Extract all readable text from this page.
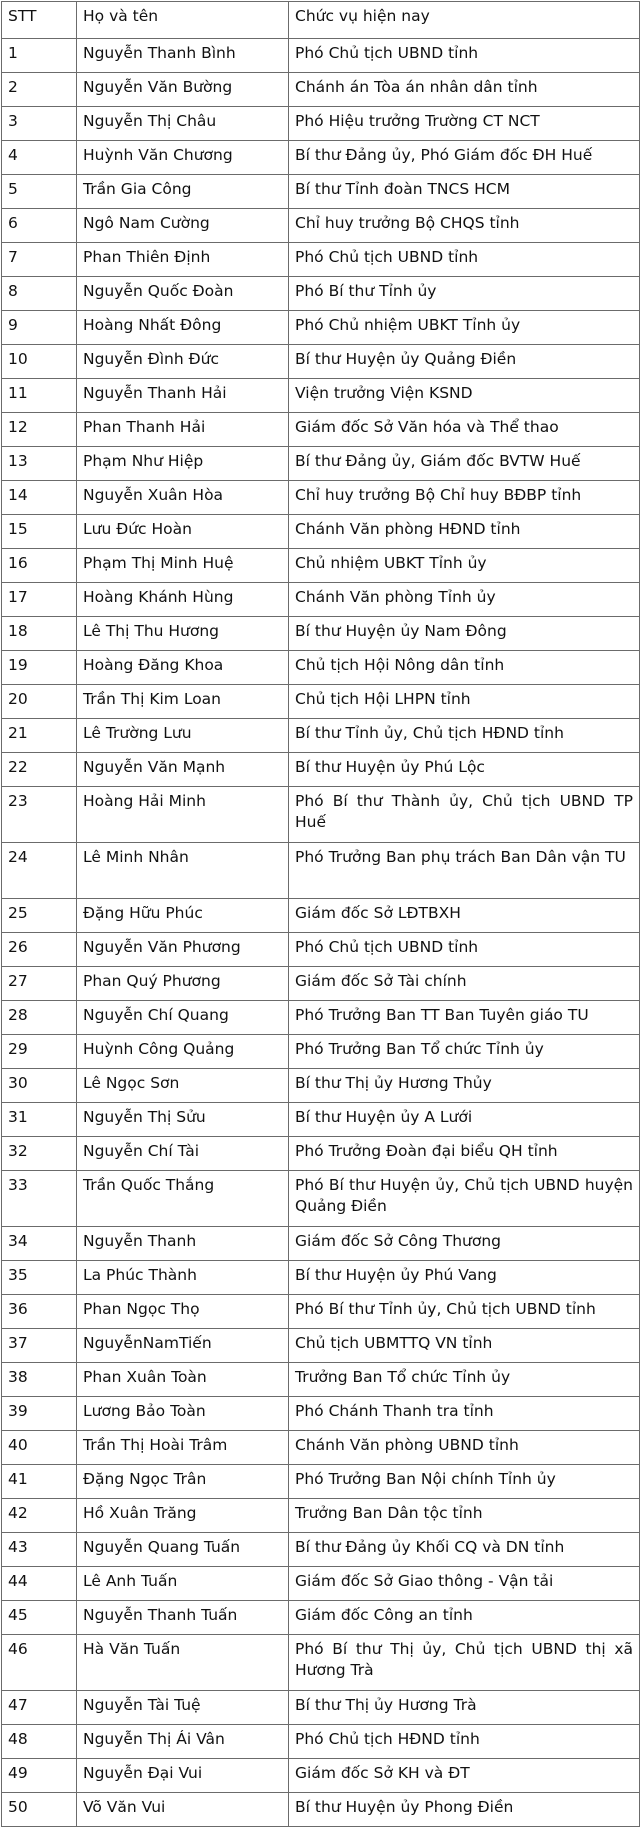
STT	Họ và tên	Chức vụ hiện nay
1	Nguyễn Thanh Bình	Phó Chủ tịch UBND tỉnh
2	Nguyễn Văn Bường	Chánh án Tòa án nhân dân tỉnh
3	Nguyễn Thị Châu	Phó Hiệu trưởng Trường CT NCT
4	Huỳnh Văn Chương	Bí thư Đảng ủy, Phó Giám đốc ĐH Huế
5	Trần Gia Công	Bí thư Tỉnh đoàn TNCS HCM
6	Ngô Nam Cường	Chỉ huy trưởng Bộ CHQS tỉnh
7	Phan Thiên Định	Phó Chủ tịch UBND tỉnh
8	Nguyễn Quốc Đoàn	Phó Bí thư Tỉnh ủy
9	Hoàng Nhất Đông	Phó Chủ nhiệm UBKT Tỉnh ủy
10	Nguyễn Đình Đức	Bí thư Huyện ủy Quảng Điền
11	Nguyễn Thanh Hải	Viện trưởng Viện KSND
12	Phan Thanh Hải	Giám đốc Sở Văn hóa và Thể thao
13	Phạm Như Hiệp	Bí thư Đảng ủy, Giám đốc BVTW Huế
14	Nguyễn Xuân Hòa	Chỉ huy trưởng Bộ Chỉ huy BĐBP tỉnh
15	Lưu Đức Hoàn	Chánh Văn phòng HĐND tỉnh
16	Phạm Thị Minh Huệ	Chủ nhiệm UBKT Tỉnh ủy
17	Hoàng Khánh Hùng	Chánh Văn phòng Tỉnh ủy
18	Lê Thị Thu Hương	Bí thư Huyện ủy Nam Đông
19	Hoàng Đăng Khoa	Chủ tịch Hội Nông dân tỉnh
20	Trần Thị Kim Loan	Chủ tịch Hội LHPN tỉnh
21	Lê Trường Lưu	Bí thư Tỉnh ủy, Chủ tịch HĐND tỉnh
22	Nguyễn Văn Mạnh	Bí thư Huyện ủy Phú Lộc
23	Hoàng Hải Minh	Phó Bí thư Thành ủy, Chủ tịch UBND TP Huế
24	Lê Minh Nhân	Phó Trưởng Ban phụ trách Ban Dân vận TU
25	Đặng Hữu Phúc	Giám đốc Sở LĐTBXH
26	Nguyễn Văn Phương	Phó Chủ tịch UBND tỉnh
27	Phan Quý Phương	Giám đốc Sở Tài chính
28	Nguyễn Chí Quang	Phó Trưởng Ban TT Ban Tuyên giáo TU
29	Huỳnh Công Quảng	Phó Trưởng Ban Tổ chức Tỉnh ủy
30	Lê Ngọc Sơn	Bí thư Thị ủy Hương Thủy
31	Nguyễn Thị Sửu	Bí thư Huyện ủy A Lưới
32	Nguyễn Chí Tài	Phó Trưởng Đoàn đại biểu QH tỉnh
33	Trần Quốc Thắng	Phó Bí thư Huyện ủy, Chủ tịch UBND huyện Quảng Điền
34	Nguyễn Thanh	Giám đốc Sở Công Thương
35	La Phúc Thành	Bí thư Huyện ủy Phú Vang
36	Phan Ngọc Thọ	Phó Bí thư Tỉnh ủy, Chủ tịch UBND tỉnh
37	NguyễnNamTiến	Chủ tịch UBMTTQ VN tỉnh
38	Phan Xuân Toàn	Trưởng Ban Tổ chức Tỉnh ủy
39	Lương Bảo Toàn	Phó Chánh Thanh tra tỉnh
40	Trần Thị Hoài Trâm	Chánh Văn phòng UBND tỉnh
41	Đặng Ngọc Trân	Phó Trưởng Ban Nội chính Tỉnh ủy
42	Hồ Xuân Trăng	Trưởng Ban Dân tộc tỉnh
43	Nguyễn Quang Tuấn	Bí thư Đảng ủy Khối CQ và DN tỉnh
44	Lê Anh Tuấn	Giám đốc Sở Giao thông - Vận tải
45	Nguyễn Thanh Tuấn	Giám đốc Công an tỉnh
46	Hà Văn Tuấn	Phó Bí thư Thị ủy, Chủ tịch UBND thị xã Hương Trà
47	Nguyễn Tài Tuệ	Bí thư Thị ủy Hương Trà
48	Nguyễn Thị Ái Vân	Phó Chủ tịch HĐND tỉnh
49	Nguyễn Đại Vui	Giám đốc Sở KH và ĐT
50	Võ Văn Vui	Bí thư Huyện ủy Phong Điền
